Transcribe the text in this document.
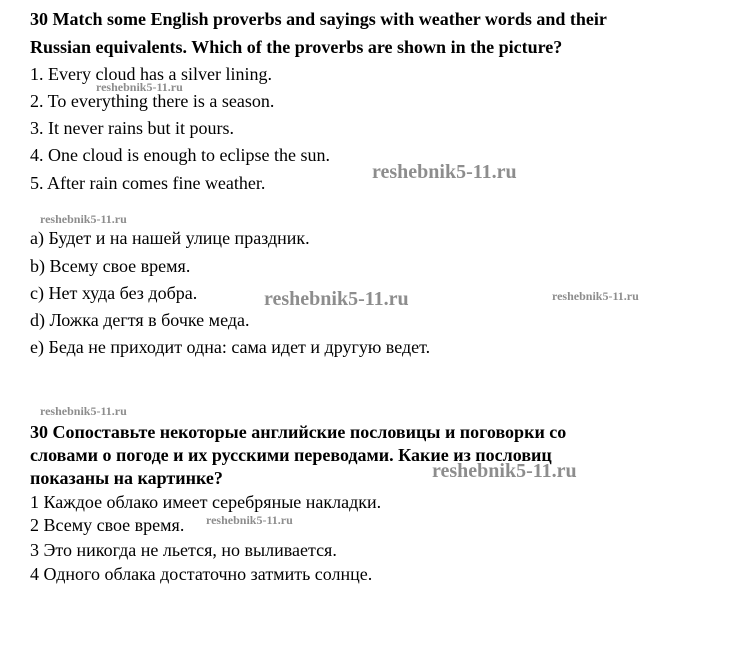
30 Match some English proverbs and sayings with weather words and their
Russian equivalents. Which of the proverbs are shown in the picture?
1. Every cloud has a silver lining.
2. To everything there is a season.
3. It never rains but it pours.
4. One cloud is enough to eclipse the sun.
5. After rain comes fine weather.
a) Будет и на нашей улице праздник.
b) Всему свое время.
c) Нет худа без добра.
d) Ложка дегтя в бочке меда.
e) Беда не приходит одна: сама идет и другую ведет.
30 Сопоставьте некоторые английские пословицы и поговорки со
словами о погоде и их русскими переводами. Какие из пословиц
показаны на картинке?
1 Каждое облако имеет серебряные накладки.
2 Всему свое время.
3 Это никогда не льется, но выливается.
4 Одного облака достаточно затмить солнце.
reshebnik5-11.ru
reshebnik5-11.ru
reshebnik5-11.ru
reshebnik5-11.ru	reshebnik5-11.ru
reshebnik5-11.ru
reshebnik5-11.ru
reshebnik5-11.ru
